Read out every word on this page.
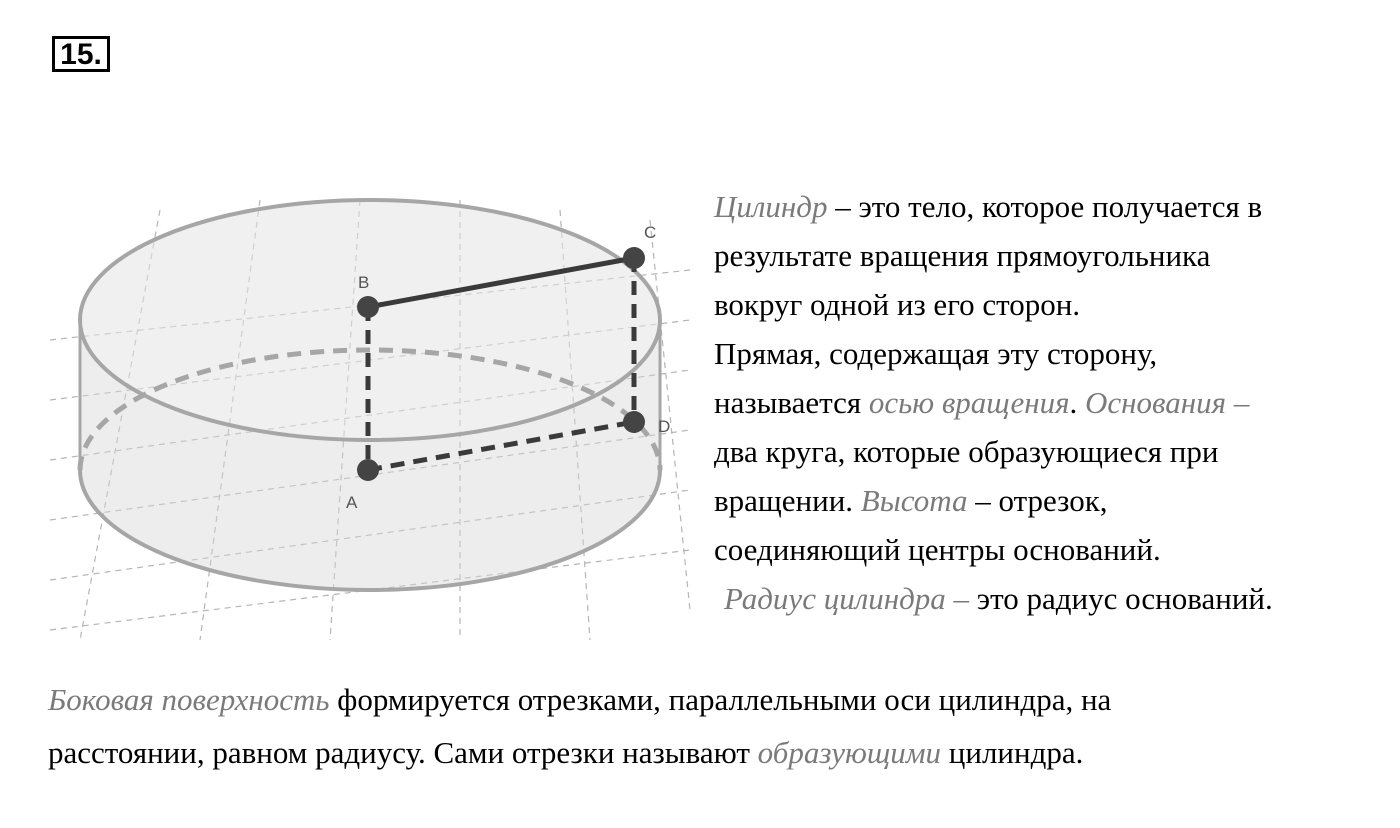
15.
B
C
D
A
Цилиндр – это тело, которое получается в
результате вращения прямоугольника
вокруг одной из его сторон.
Прямая, содержащая эту сторону,
называется осью вращения. Основания –
два круга, которые образующиеся при
вращении. Высота – отрезок,
соединяющий центры оснований.
Радиус цилиндра – это радиус оснований.
Боковая поверхность формируется отрезками, параллельными оси цилиндра, на
расстоянии, равном радиусу. Сами отрезки называют образующими цилиндра.
